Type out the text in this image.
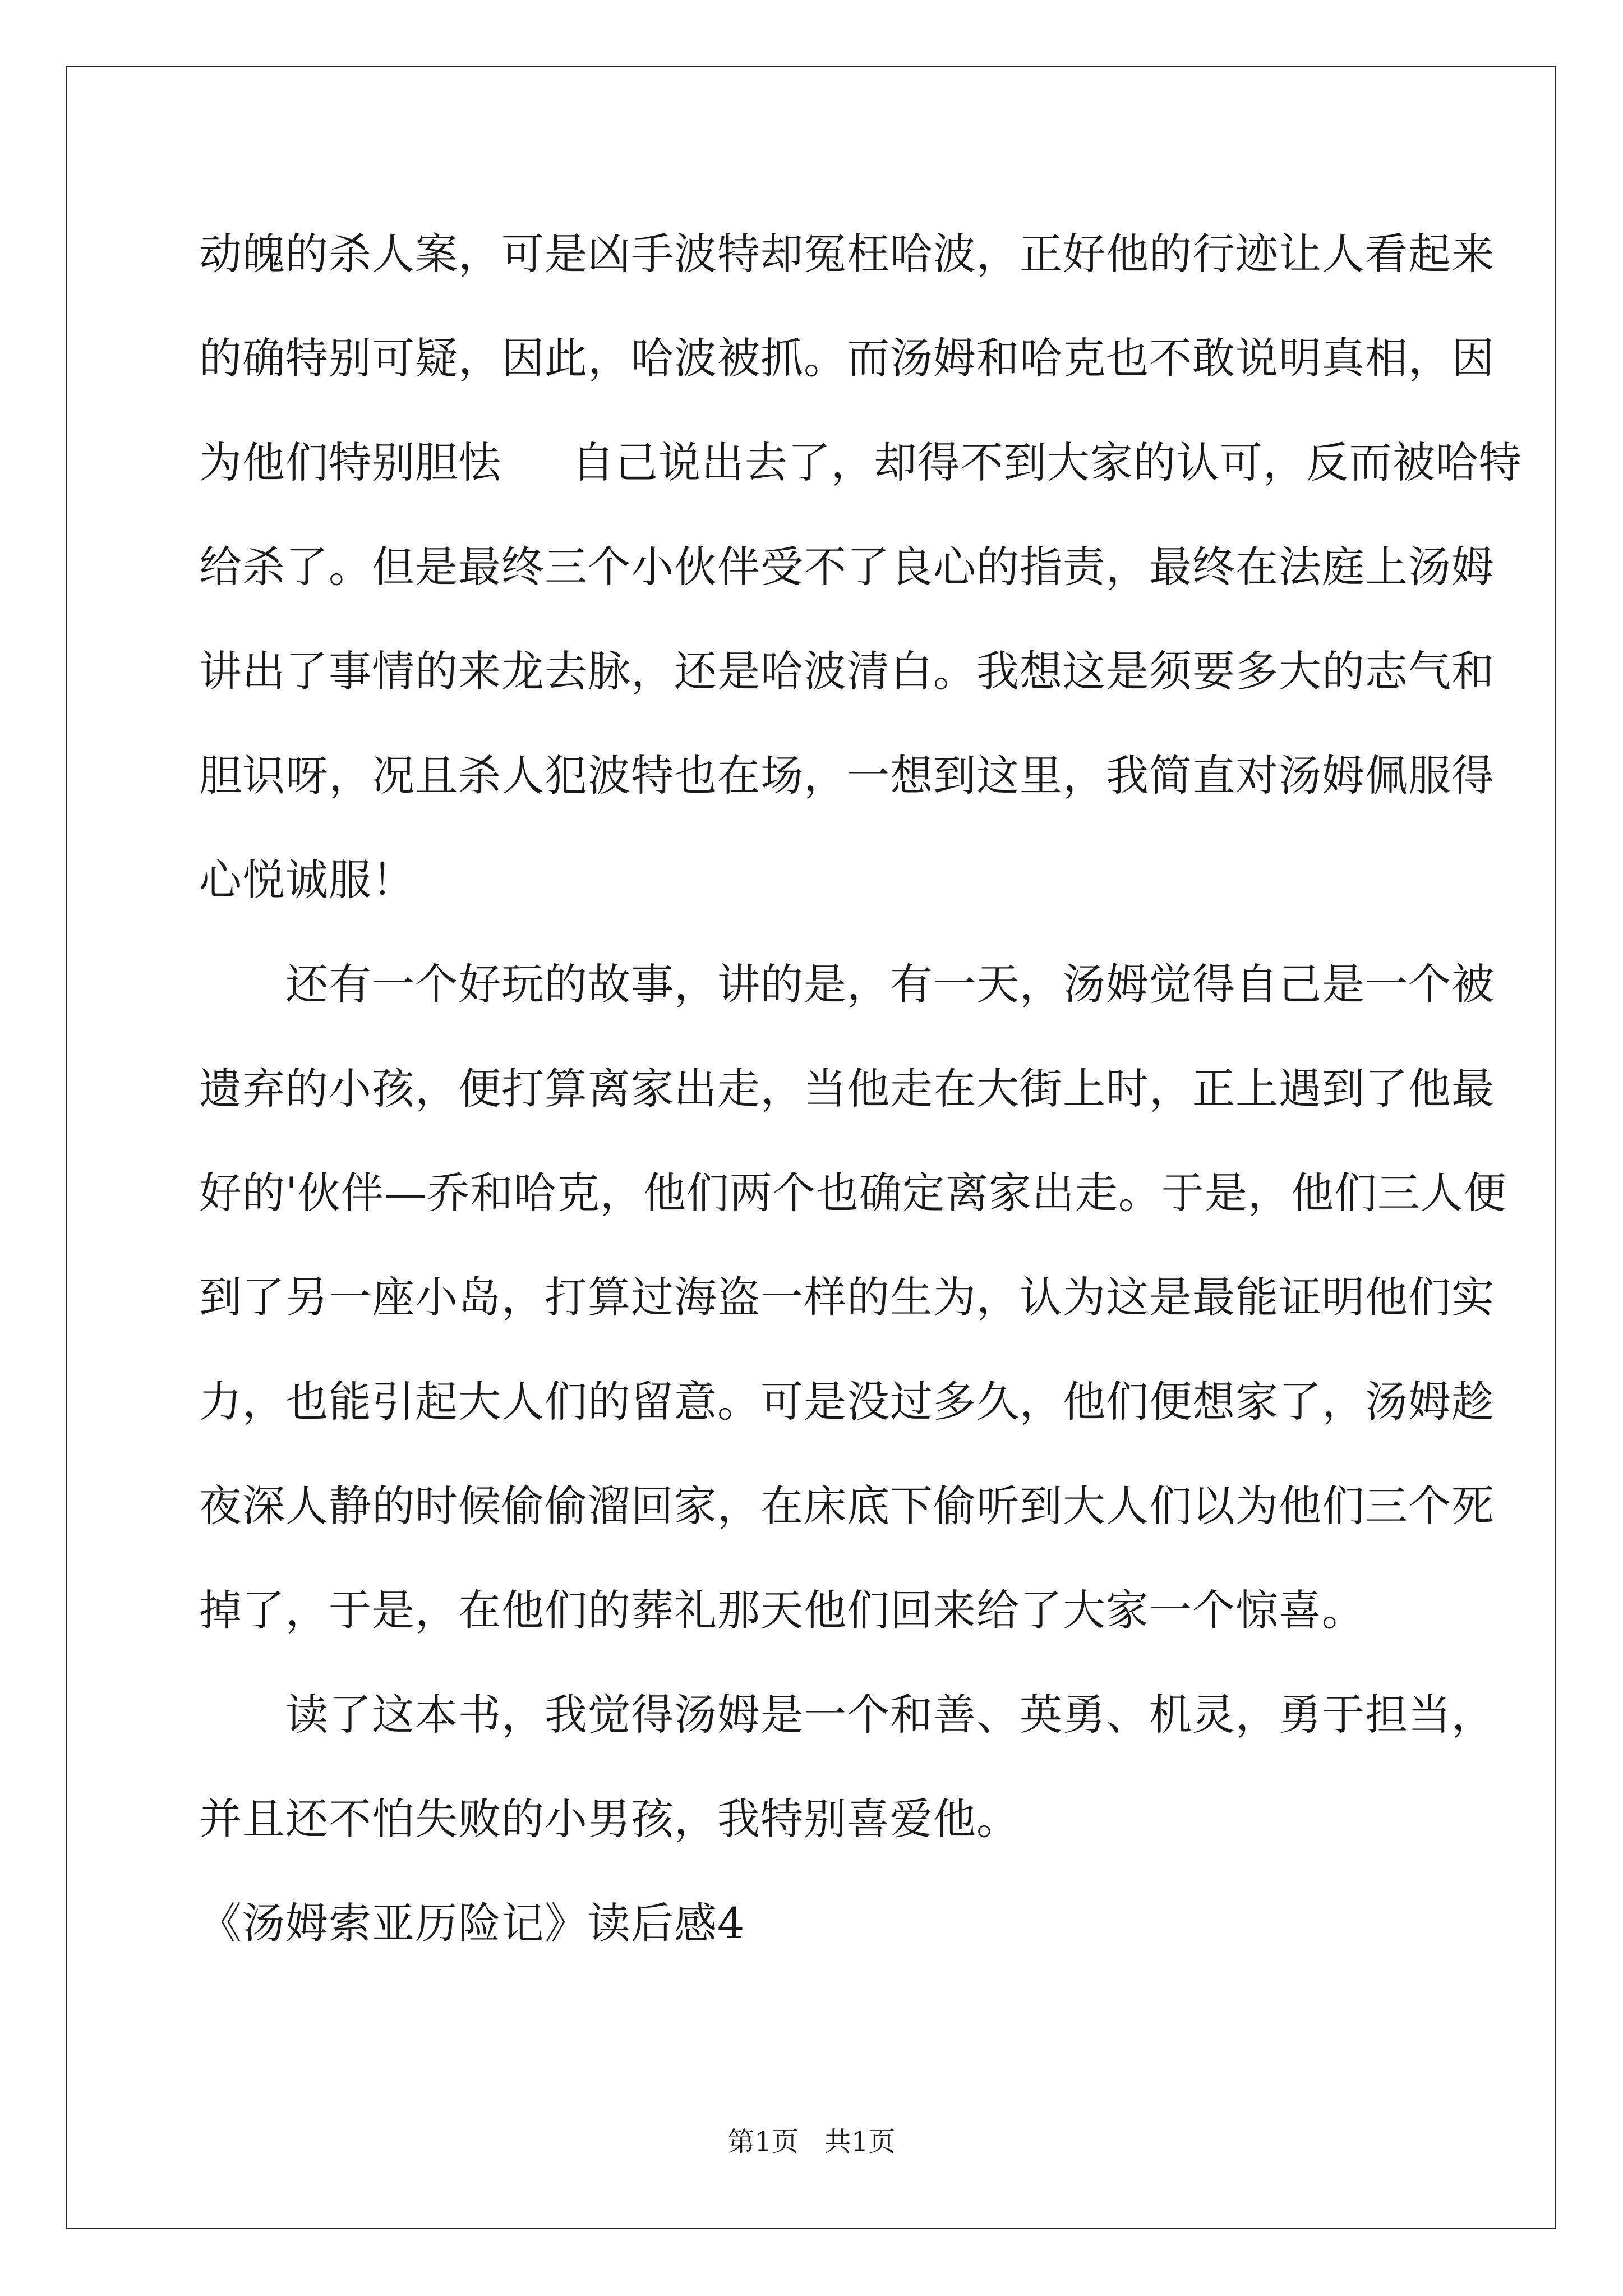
动魄的杀人案，可是凶手波特却冤枉哈波，正好他的行迹让人看起来
的确特别可疑，因此，哈波被抓。而汤姆和哈克也不敢说明真相，因
为他们特别胆怯     自己说出去了，却得不到大家的认可，反而被哈特
给杀了。但是最终三个小伙伴受不了良心的指责，最终在法庭上汤姆
讲出了事情的来龙去脉，还是哈波清白。我想这是须要多大的志气和
胆识呀，况且杀人犯波特也在场，一想到这里，我简直对汤姆佩服得
心悦诚服！
　　还有一个好玩的故事，讲的是，有一天，汤姆觉得自己是一个被
遗弃的小孩，便打算离家出走，当他走在大街上时，正上遇到了他最
好的'伙伴—乔和哈克，他们两个也确定离家出走。于是，他们三人便
到了另一座小岛，打算过海盗一样的生为，认为这是最能证明他们实
力，也能引起大人们的留意。可是没过多久，他们便想家了，汤姆趁
夜深人静的时候偷偷溜回家，在床底下偷听到大人们以为他们三个死
掉了，于是，在他们的葬礼那天他们回来给了大家一个惊喜。
　　读了这本书，我觉得汤姆是一个和善、英勇、机灵，勇于担当，
并且还不怕失败的小男孩，我特别喜爱他。
《汤姆索亚历险记》读后感4
第1页   共1页
